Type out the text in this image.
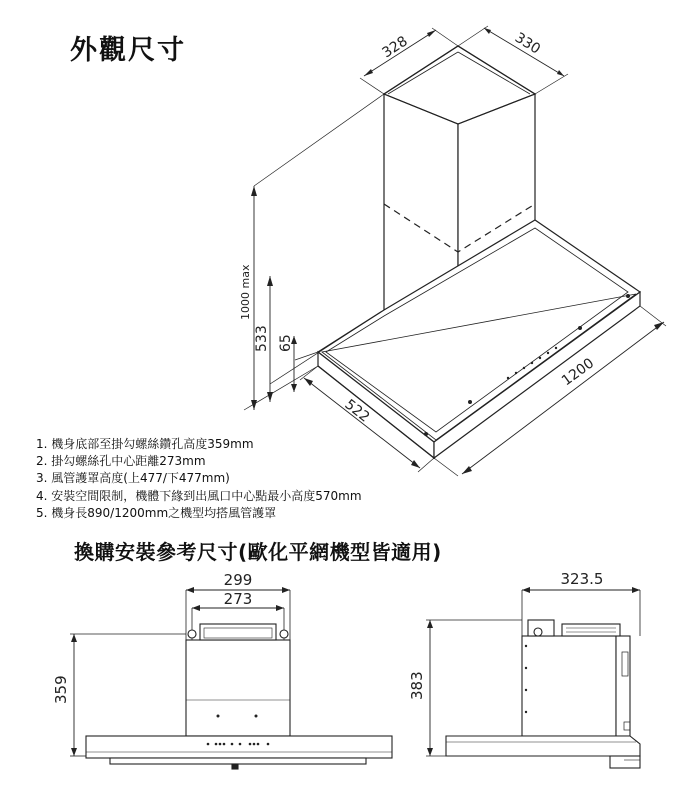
外觀尺寸
1. 機身底部至掛勾螺絲鑽孔高度359mm
2. 掛勾螺絲孔中心距離273mm
3. 風管護罩高度(上477/下477mm)
4. 安裝空間限制，機體下緣到出風口中心點最小高度570mm
5. 機身長890/1200mm之機型均搭風管護罩
換購安裝參考尺寸(歐化平網機型皆適用)
328	330
1000 max
533 65
522
1200
299
273
359
323.5
383
